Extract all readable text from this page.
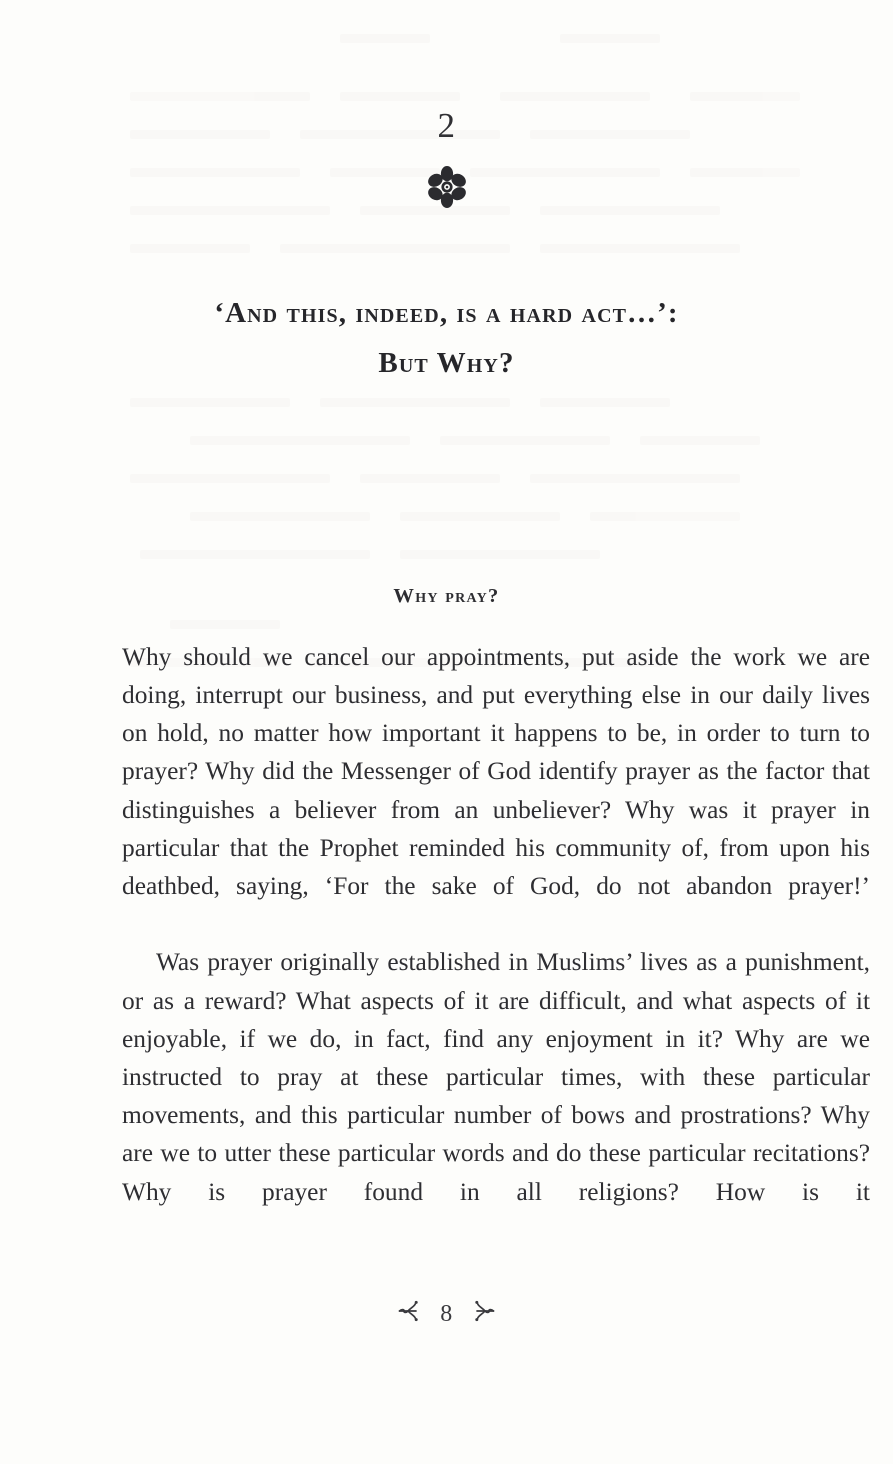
2
‘And this, indeed, is a hard act…’:
But Why?
Why pray?

Why should we cancel our appointments, put aside the work we are doing, interrupt our business, and put everything else in our daily lives on hold, no matter how important it happens to be, in order to turn to prayer? Why did the Messenger of God identify prayer as the factor that distinguishes a believer from an unbeliever? Why was it prayer in particular that the Prophet reminded his community of, from upon his deathbed, saying, ‘For the sake of God, do not abandon prayer!’

Was prayer originally established in Muslims’ lives as a punishment, or as a reward? What aspects of it are difficult, and what aspects of it enjoyable, if we do, in fact, find any enjoyment in it? Why are we instructed to pray at these particular times, with these particular movements, and this particular number of bows and prostrations? Why are we to utter these particular words and do these particular recitations? Why is prayer found in all religions? How is it

8
